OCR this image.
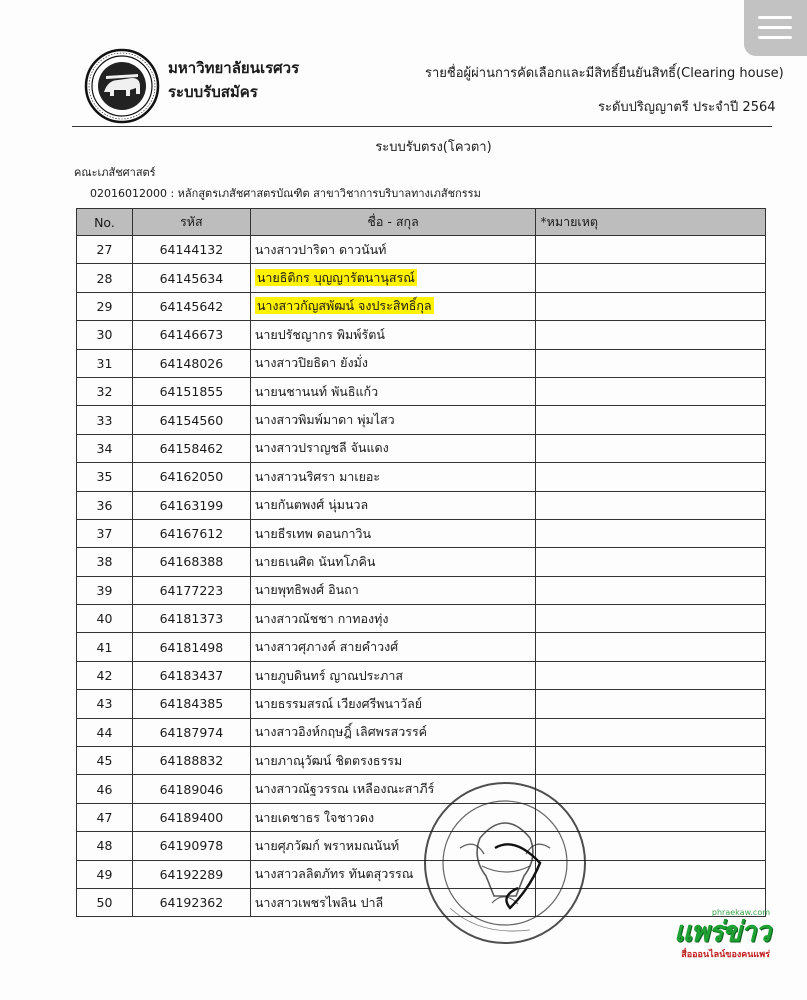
มหาวิทยาลัยนเรศวร
ระบบรับสมัคร
รายชื่อผู้ผ่านการคัดเลือกและมีสิทธิ์ยืนยันสิทธิ์(Clearing house)
ระดับปริญญาตรี ประจำปี 2564
ระบบรับตรง(โควตา)
คณะเภสัชศาสตร์
02016012000 : หลักสูตรเภสัชศาสตรบัณฑิต สาขาวิชาการบริบาลทางเภสัชกรรม
No.	รหัส	ชื่อ - สกุล	*หมายเหตุ
27	64144132	นางสาวปาริดา ดาวนันท์	
28	64145634	นายธิติกร บุญญารัตนานุสรณ์	
29	64145642	นางสาวกัญสพัฒน์ จงประสิทธิ์กุล	
30	64146673	นายปรัชญากร พิมพ์รัตน์	
31	64148026	นางสาวปิยธิดา ยังมั่ง	
32	64151855	นายนชานนท์ พันธิแก้ว	
33	64154560	นางสาวพิมพ์มาดา พุ่มไสว	
34	64158462	นางสาวปราญชลี จันแดง	
35	64162050	นางสาวนริศรา มาเยอะ	
36	64163199	นายกันตพงศ์ นุ่มนวล	
37	64167612	นายธีรเทพ ดอนกาวิน	
38	64168388	นายธเนศิต นันทโภคิน	
39	64177223	นายพุทธิพงศ์ อินถา	
40	64181373	นางสาวณัชชา กาทองทุ่ง	
41	64181498	นางสาวศุภางค์ สายคำวงศ์	
42	64183437	นายภูบดินทร์ ญาณประภาส	
43	64184385	นายธรรมสรณ์ เวียงศรีพนาวัลย์	
44	64187974	นางสาวอิงห์กฤษฎิ์ เลิศพรสวรรค์	
45	64188832	นายภาณุวัฒน์ ชิตตรงธรรม	
46	64189046	นางสาวณัฐวรรณ เหลืองณะสาภีร์	
47	64189400	นายเดชาธร ใจชาวดง	
48	64190978	นายศุภวัฒก์ พราหมณนันท์	
49	64192289	นางสาวลลิตภัทร ทันตสุวรรณ	
50	64192362	นางสาวเพชรไพลิน ปาลี	
phraekaw.com
แพร่ข่าว
สื่อออนไลน์ของคนแพร่
